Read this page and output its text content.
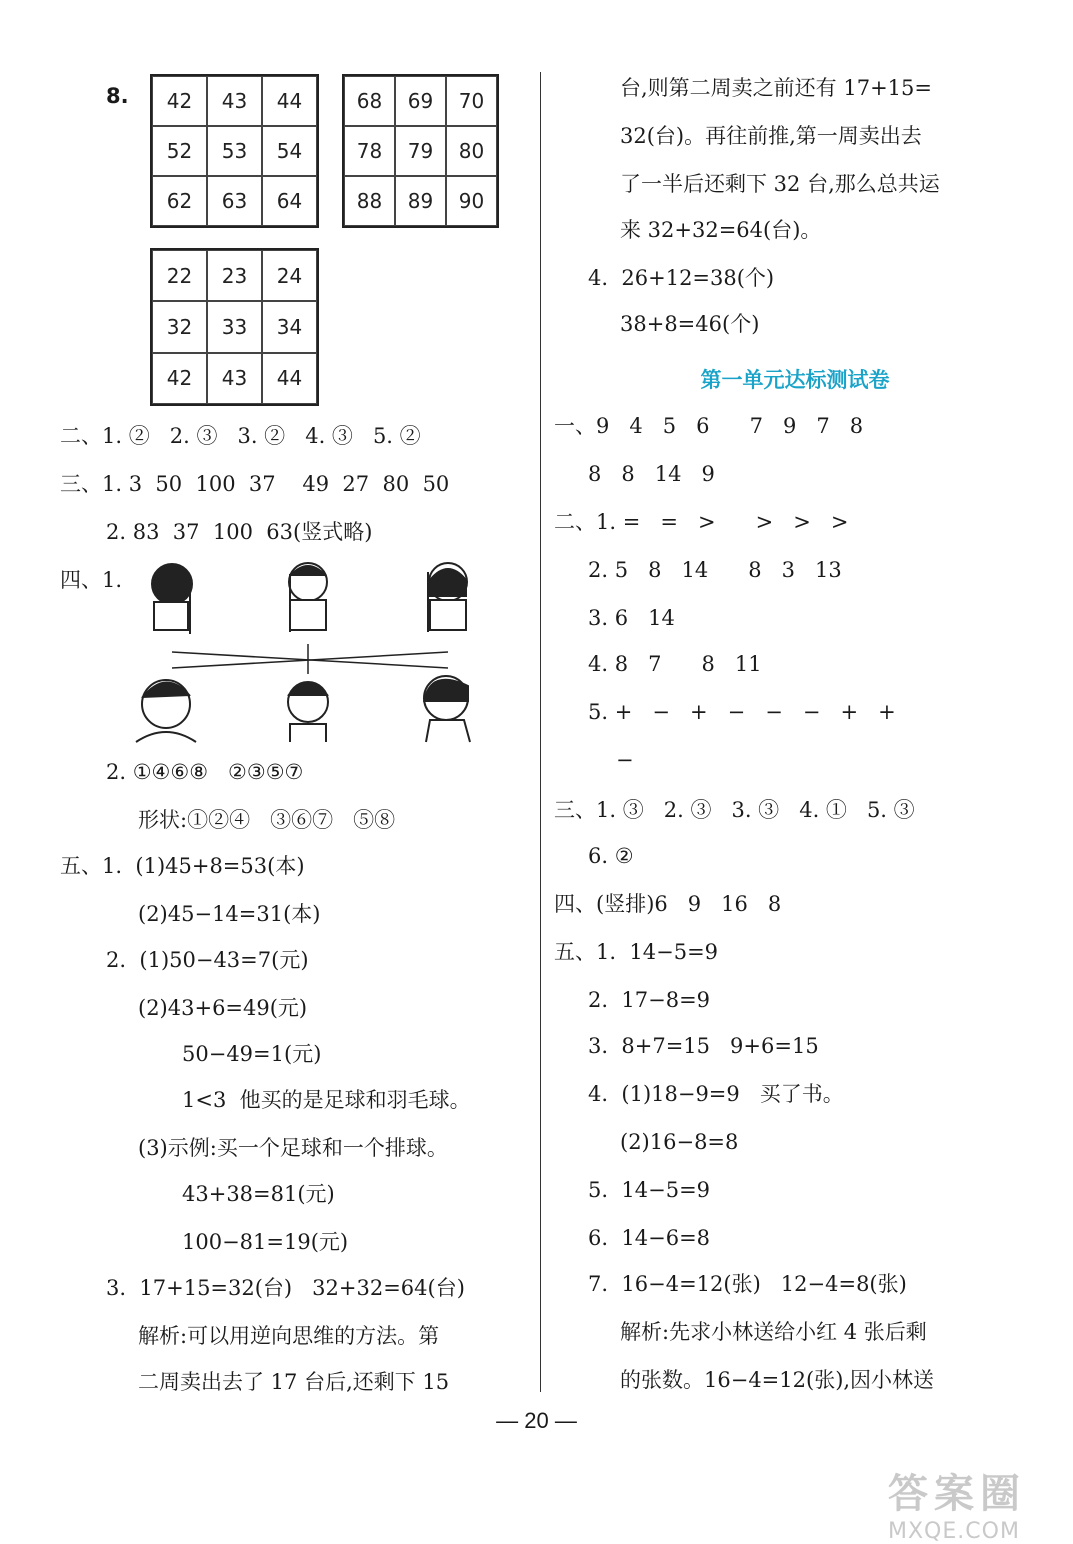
8.	42	43	44
52	53	54
62	63	64
68	69	70
78	79	80
88	89	90
22	23	24
32	33	34
42	43	44
二、1. ②   2. ③   3. ②   4. ③   5. ②
三、1. 3  50  100  37    49  27  80  50
2. 83  37  100  63(竖式略)
四、1.
2. ①④⑥⑧   ②③⑤⑦
形状:①②④   ③⑥⑦   ⑤⑧
五、1.  (1)45+8=53(本)
(2)45−14=31(本)
2.  (1)50−43=7(元)
(2)43+6=49(元)
50−49=1(元)
1<3  他买的是足球和羽毛球。
(3)示例:买一个足球和一个排球。
43+38=81(元)
100−81=19(元)
3.  17+15=32(台)   32+32=64(台)
解析:可以用逆向思维的方法。第
二周卖出去了 17 台后,还剩下 15
台,则第二周卖之前还有 17+15=
32(台)。再往前推,第一周卖出去
了一半后还剩下 32 台,那么总共运
来 32+32=64(台)。
4.  26+12=38(个)
38+8=46(个)
第一单元达标测试卷
一、9   4   5   6      7   9   7   8
8   8   14   9
二、1. =   =   >      >   >   >
2. 5   8   14      8   3   13
3. 6   14
4. 8   7      8   11
5. +   −   +   −   −   −   +   +
−
三、1. ③   2. ③   3. ③   4. ①   5. ③
6. ②
四、(竖排)6   9   16   8
五、1.  14−5=9
2.  17−8=9
3.  8+7=15   9+6=15
4.  (1)18−9=9   买了书。
(2)16−8=8
5.  14−5=9
6.  14−6=8
7.  16−4=12(张)   12−4=8(张)
解析:先求小林送给小红 4 张后剩
的张数。16−4=12(张),因小林送
— 20 —
答案圈
MXQE.COM
